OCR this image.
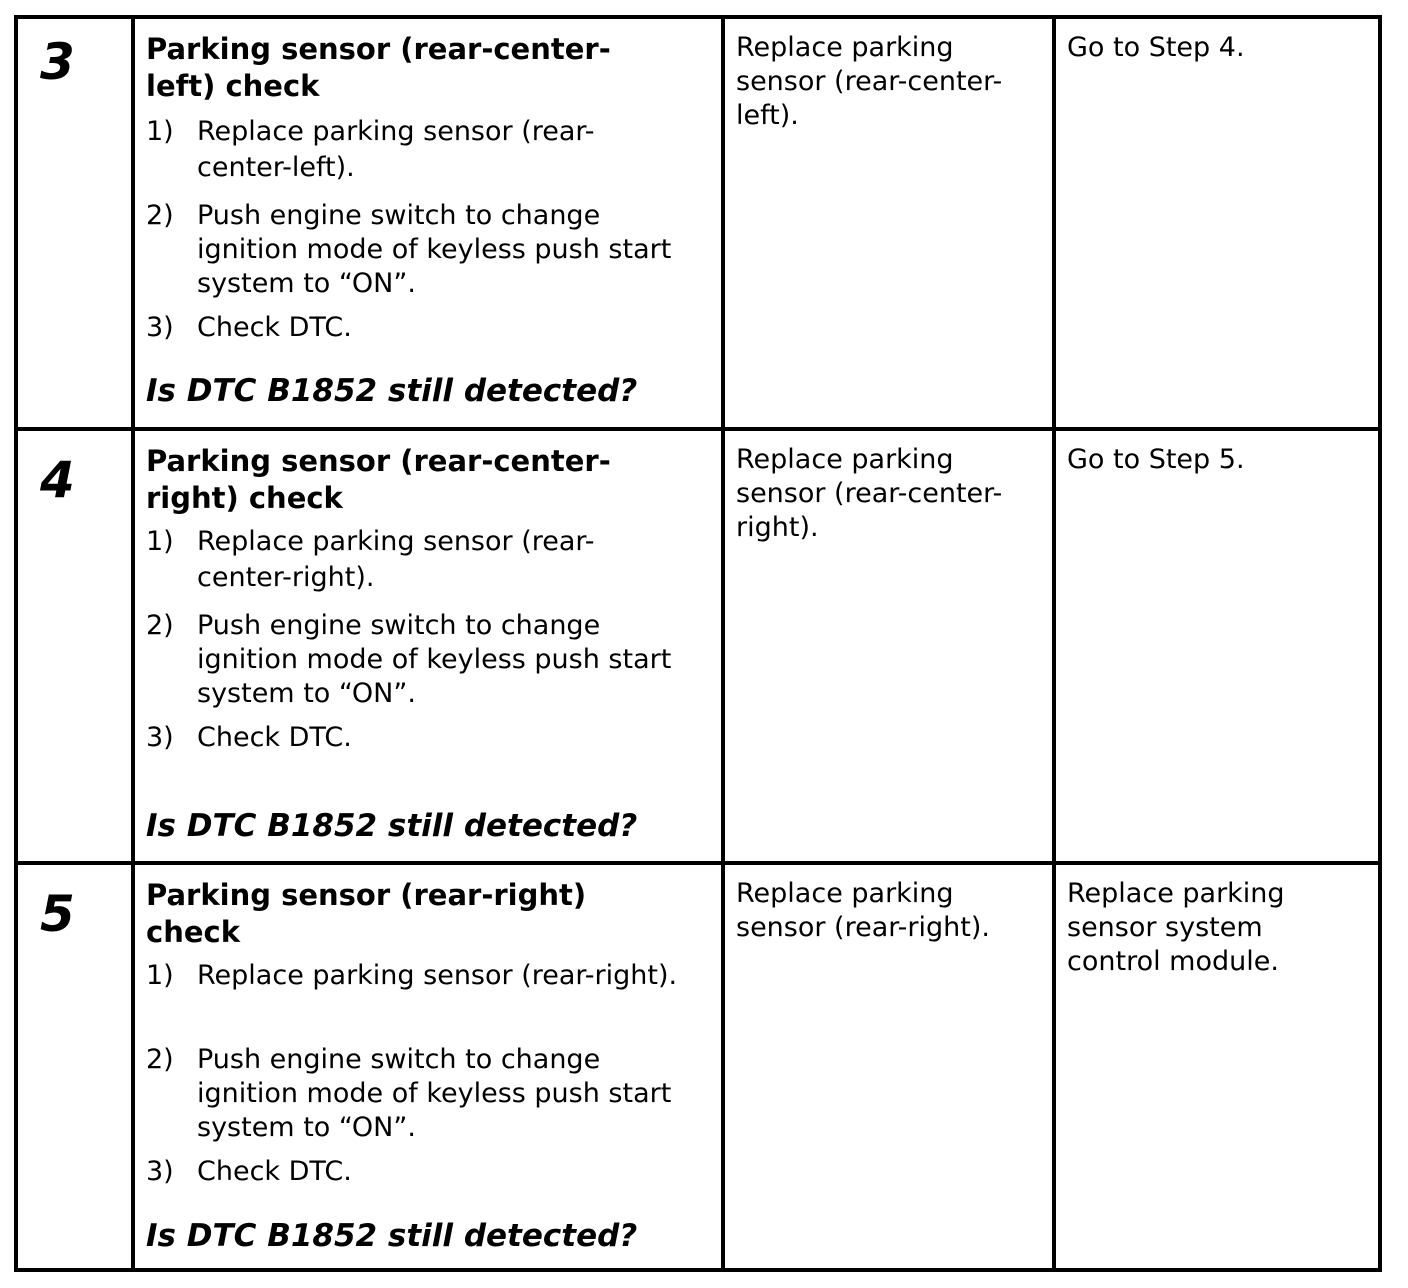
3 Parking sensor (rear-center-
left) check
1) Replace parking sensor (rear-
center-left).
2) Push engine switch to change
ignition mode of keyless push start
system to “ON”.
3) Check DTC.
Is DTC B1852 still detected?
Replace parking
sensor (rear-center-
left).
Go to Step 4.
4 Parking sensor (rear-center-
right) check
1) Replace parking sensor (rear-
center-right).
2) Push engine switch to change
ignition mode of keyless push start
system to “ON”.
3) Check DTC.
Is DTC B1852 still detected?
Replace parking
sensor (rear-center-
right).
Go to Step 5.
5 Parking sensor (rear-right)
check
1) Replace parking sensor (rear-right).
2) Push engine switch to change
ignition mode of keyless push start
system to “ON”.
3) Check DTC.
Is DTC B1852 still detected?
Replace parking
sensor (rear-right).
Replace parking
sensor system
control module.
